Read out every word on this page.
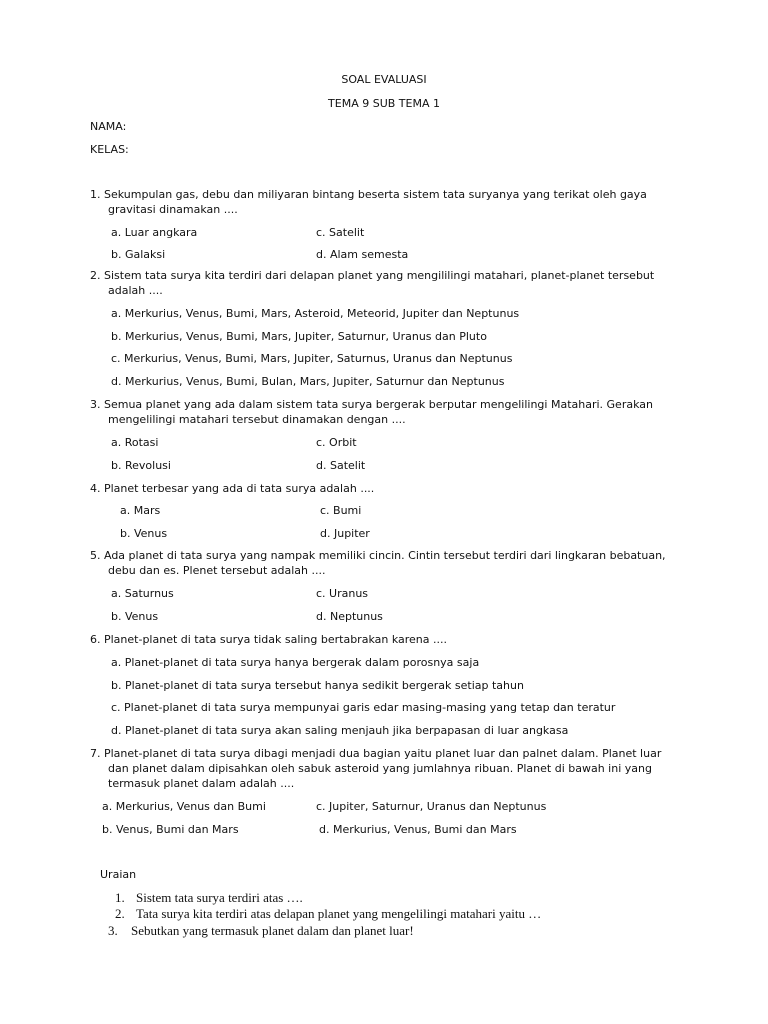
SOAL EVALUASI
TEMA 9 SUB TEMA 1
NAMA:
KELAS:
1. Sekumpulan gas, debu dan miliyaran bintang beserta sistem tata suryanya yang terikat oleh gaya
gravitasi dinamakan ....
a. Luar angkara	c. Satelit
b. Galaksi	d. Alam semesta
2. Sistem tata surya kita terdiri dari delapan planet yang mengililingi matahari, planet-planet tersebut
adalah ....
a. Merkurius, Venus, Bumi, Mars, Asteroid, Meteorid, Jupiter dan Neptunus
b. Merkurius, Venus, Bumi, Mars, Jupiter, Saturnur, Uranus dan Pluto
c. Merkurius, Venus, Bumi, Mars, Jupiter, Saturnus, Uranus dan Neptunus
d. Merkurius, Venus, Bumi, Bulan, Mars, Jupiter, Saturnur dan Neptunus
3. Semua planet yang ada dalam sistem tata surya bergerak berputar mengelilingi Matahari. Gerakan
mengelilingi matahari tersebut dinamakan dengan ....
a. Rotasi	c. Orbit
b. Revolusi	d. Satelit
4. Planet terbesar yang ada di tata surya adalah ....
a. Mars	c. Bumi
b. Venus	d. Jupiter
5. Ada planet di tata surya yang nampak memiliki cincin. Cintin tersebut terdiri dari lingkaran bebatuan,
debu dan es. Plenet tersebut adalah ....
a. Saturnus	c. Uranus
b. Venus	d. Neptunus
6. Planet-planet di tata surya tidak saling bertabrakan karena ....
a. Planet-planet di tata surya hanya bergerak dalam porosnya saja
b. Planet-planet di tata surya tersebut hanya sedikit bergerak setiap tahun
c. Planet-planet di tata surya mempunyai garis edar masing-masing yang tetap dan teratur
d. Planet-planet di tata surya akan saling menjauh jika berpapasan di luar angkasa
7. Planet-planet di tata surya dibagi menjadi dua bagian yaitu planet luar dan palnet dalam. Planet luar
dan planet dalam dipisahkan oleh sabuk asteroid yang jumlahnya ribuan. Planet di bawah ini yang
termasuk planet dalam adalah ....
a. Merkurius, Venus dan Bumi	c. Jupiter, Saturnur, Uranus dan Neptunus
b. Venus, Bumi dan Mars	d. Merkurius, Venus, Bumi dan Mars
Uraian
1. Sistem tata surya terdiri atas ….
2. Tata surya kita terdiri atas delapan planet yang mengelilingi matahari yaitu …
3. Sebutkan yang termasuk planet dalam dan planet luar!
